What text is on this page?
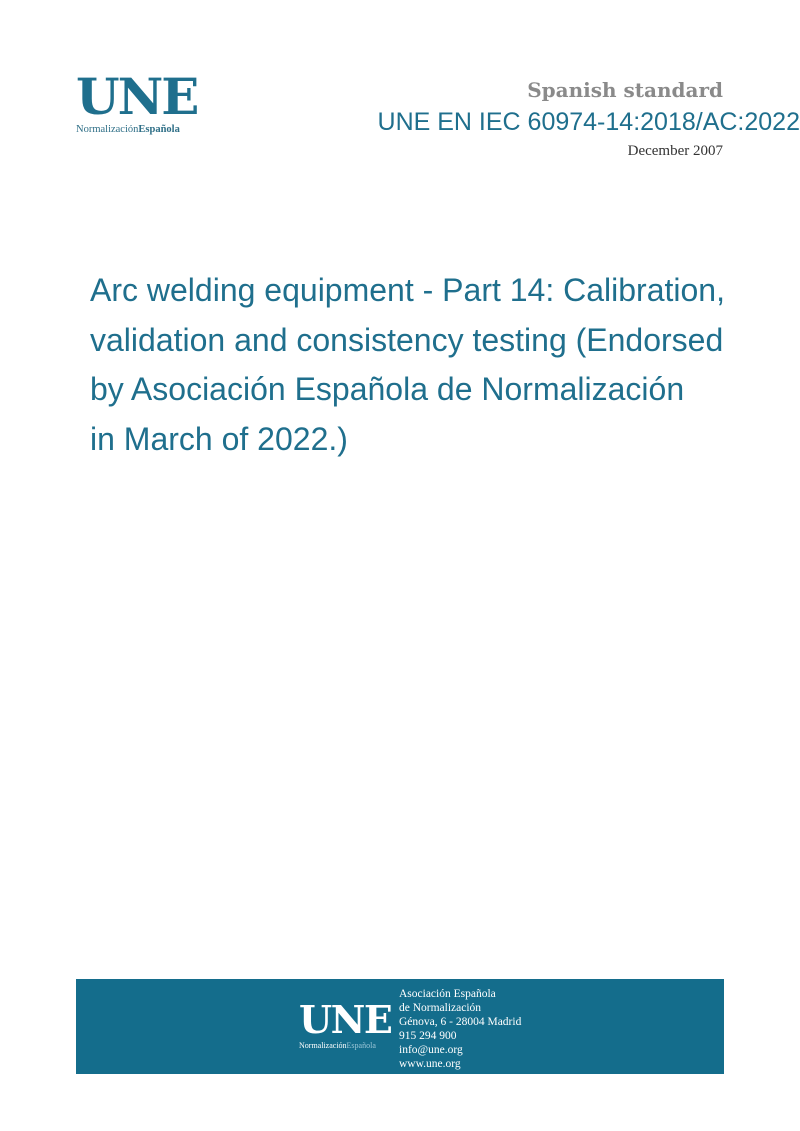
UNE
NormalizaciónEspañola
Spanish standard
UNE EN IEC 60974-14:2018/AC:2022
December 2007
Arc welding equipment - Part 14: Calibration,
validation and consistency testing (Endorsed
by Asociación Española de Normalización
in March of 2022.)
UNE
NormalizaciónEspañola
Asociación Española
de Normalización
Génova, 6 - 28004 Madrid
915 294 900
info@une.org
www.une.org
